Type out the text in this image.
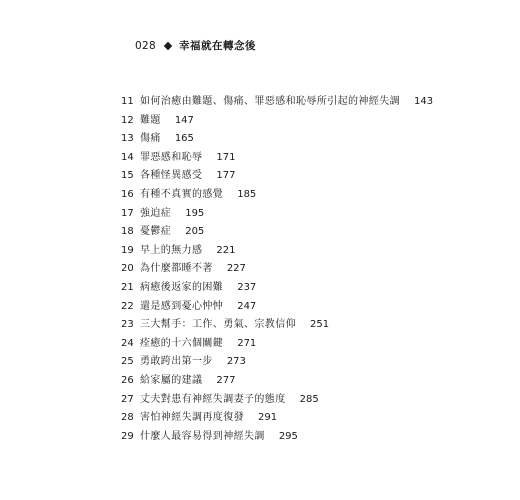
028 幸福就在轉念後
11 如何治癒由難題、傷痛、罪惡感和恥辱所引起的神經失調 143
12 難題 147
13 傷痛 165
14 罪惡感和恥辱 171
15 各種怪異感受 177
16 有種不真實的感覺 185
17 強迫症 195
18 憂鬱症 205
19 早上的無力感 221
20 為什麼都睡不著 227
21 病癒後返家的困難 237
22 還是感到憂心忡忡 247
23 三大幫手：工作、勇氣、宗教信仰 251
24 痊癒的十六個關鍵 271
25 勇敢跨出第一步 273
26 給家屬的建議 277
27 丈夫對患有神經失調妻子的態度 285
28 害怕神經失調再度復發 291
29 什麼人最容易得到神經失調 295
